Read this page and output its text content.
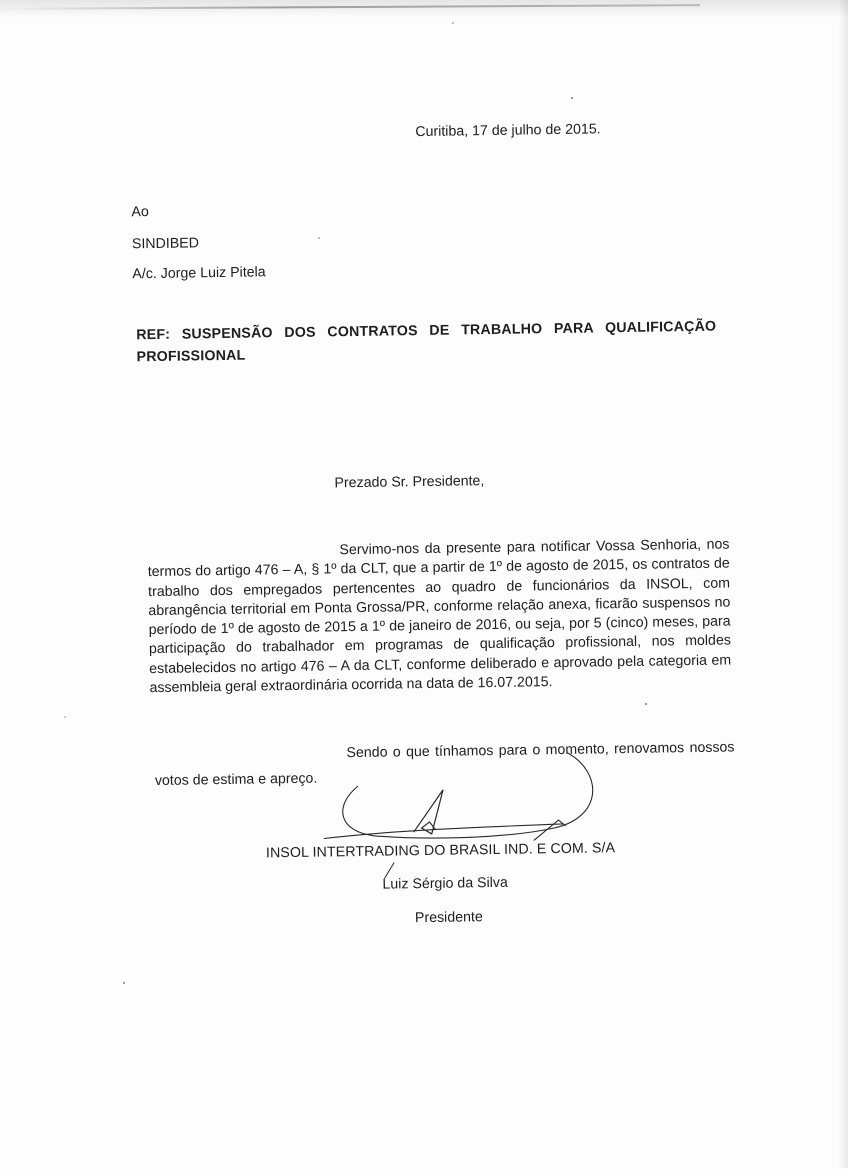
Curitiba, 17 de julho de 2015.
Ao
SINDIBED
A/c. Jorge Luiz Pitela
REF: SUSPENSÃO DOS CONTRATOS DE TRABALHO PARA QUALIFICAÇÃO PROFISSIONAL
Prezado Sr. Presidente,
Servimo-nos da presente para notificar Vossa Senhoria, nos termos do artigo 476 – A, § 1º da CLT, que a partir de 1º de agosto de 2015, os contratos de trabalho dos empregados pertencentes ao quadro de funcionários da INSOL, com abrangência territorial em Ponta Grossa/PR, conforme relação anexa, ficarão suspensos no período de 1º de agosto de 2015 a 1º de janeiro de 2016, ou seja, por 5 (cinco) meses, para participação do trabalhador em programas de qualificação profissional, nos moldes estabelecidos no artigo 476 – A da CLT, conforme deliberado e aprovado pela categoria em assembleia geral extraordinária ocorrida na data de 16.07.2015.
Sendo o que tínhamos para o momento, renovamos nossos votos de estima e apreço.
INSOL INTERTRADING DO BRASIL IND. E COM. S/A
Luiz Sérgio da Silva
Presidente
